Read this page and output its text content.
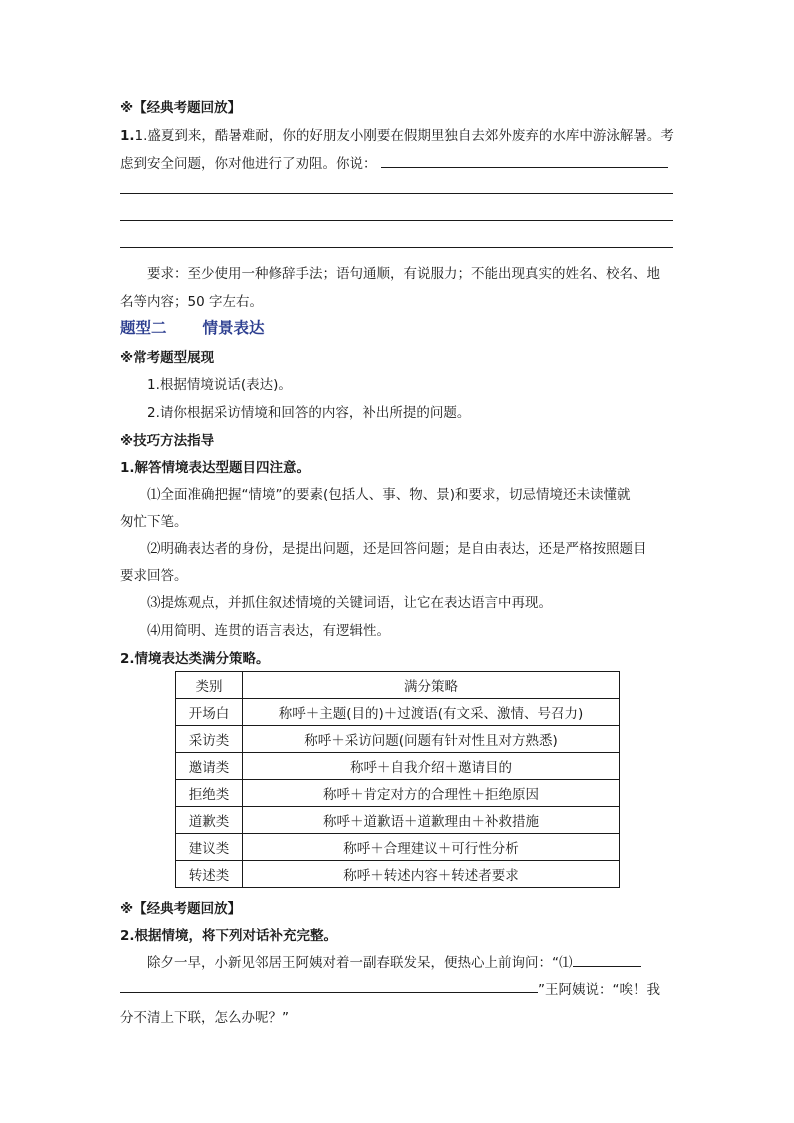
※【经典考题回放】
1.1.盛夏到来，酷暑难耐，你的好朋友小刚要在假期里独自去郊外废弃的水库中游泳解暑。考
虑到安全问题，你对他进行了劝阻。你说：
要求：至少使用一种修辞手法；语句通顺，有说服力；不能出现真实的姓名、校名、地
名等内容；50 字左右。
题型二 情景表达
※常考题型展现
1.根据情境说话(表达)。
2.请你根据采访情境和回答的内容，补出所提的问题。
※技巧方法指导
1.解答情境表达型题目四注意。
⑴全面准确把握“情境”的要素(包括人、事、物、景)和要求，切忌情境还未读懂就
匆忙下笔。
⑵明确表达者的身份，是提出问题，还是回答问题；是自由表达，还是严格按照题目
要求回答。
⑶提炼观点，并抓住叙述情境的关键词语，让它在表达语言中再现。
⑷用简明、连贯的语言表达，有逻辑性。
2.情境表达类满分策略。
类别	满分策略
开场白	称呼＋主题(目的)＋过渡语(有文采、激情、号召力)
采访类	称呼＋采访问题(问题有针对性且对方熟悉)
邀请类	称呼＋自我介绍＋邀请目的
拒绝类	称呼＋肯定对方的合理性＋拒绝原因
道歉类	称呼＋道歉语＋道歉理由＋补救措施
建议类	称呼＋合理建议＋可行性分析
转述类	称呼＋转述内容＋转述者要求
※【经典考题回放】
2.根据情境，将下列对话补充完整。
除夕一早，小新见邻居王阿姨对着一副春联发呆，便热心上前询问：“⑴
”王阿姨说：“唉！我
分不清上下联，怎么办呢？”
